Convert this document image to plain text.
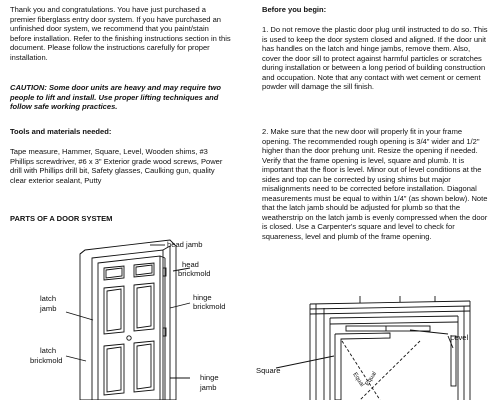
Thank you and congratulations. You have just purchased a premier fiberglass entry door system. If you have purchased an unfinished door system, we recommend that you paint/stain before installation. Refer to the finishing instructions section in this document. Please follow the instructions carefully for proper installation.

CAUTION: Some door units are heavy and may require two people to lift and install. Use proper lifting techniques and follow safe working practices.

Tools and materials needed:

Tape measure, Hammer, Square, Level, Wooden shims, #3 Phillips screwdriver, #6 x 3" Exterior grade wood screws, Power drill with Phillips drill bit, Safety glasses, Caulking gun, quality clear exterior sealant, Putty

PARTS OF A DOOR SYSTEM

head jamb
head
brickmold
hinge
brickmold
latch
jamb
latch
brickmold
hinge
jamb

Before you begin:

1. Do not remove the plastic door plug until instructed to do so. This is used to keep the door system closed and aligned. If the door unit has handles on the latch and hinge jambs, remove them. Also, cover the door sill to protect against harmful particles or scratches during installation or between a long period of building construction and occupation. Note that any contact with wet cement or cement powder will damage the sill finish.

2. Make sure that the new door will properly fit in your frame opening. The recommended rough opening is 3/4" wider and 1/2" higher than the door prehung unit. Resize the opening if needed. Verify that the frame opening is level, square and plumb. It is important that the floor is level. Minor out of level conditions at the sides and top can be corrected by using shims but major misalignments need to be corrected before installation. Diagonal measurements must be equal to within 1/4" (as shown below). Note that the latch jamb should be adjusted for plumb so that the weatherstrip on the latch jamb is evenly compressed when the door is closed. Use a Carpenter's square and level to check for squareness, level and plumb of the frame opening.

Level
Square
Equal Equal
